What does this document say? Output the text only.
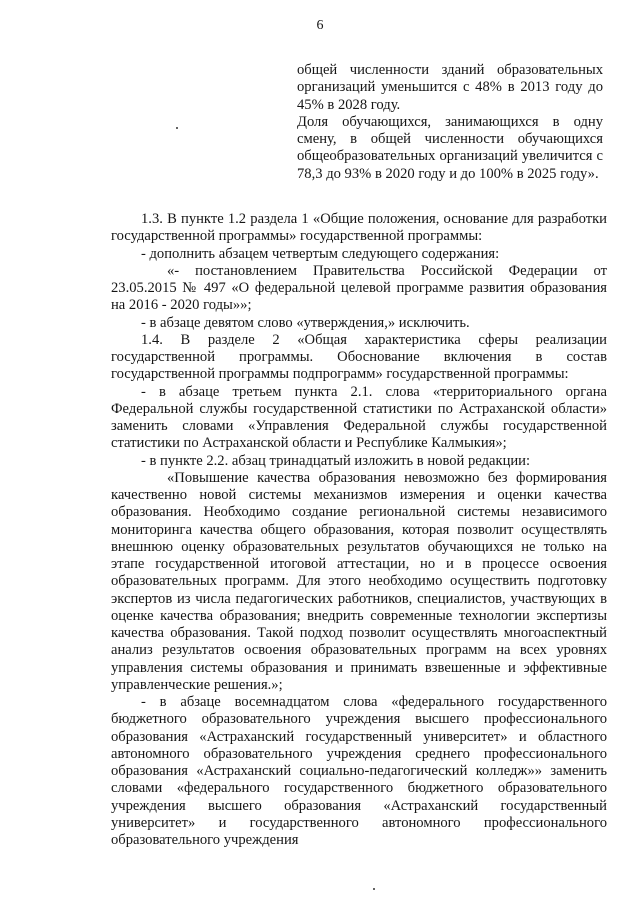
6

общей численности зданий образовательных организаций уменьшится с 48% в 2013 году до 45% в 2028 году.

Доля обучающихся, занимающихся в одну смену, в общей численности обучающихся общеобразовательных организаций увеличится с 78,3 до 93% в 2020 году и до 100% в 2025 году».

1.3. В пункте 1.2 раздела 1 «Общие положения, основание для разработки государственной программы» государственной программы:

- дополнить абзацем четвертым следующего содержания:

«- постановлением Правительства Российской Федерации от 23.05.2015 № 497 «О федеральной целевой программе развития образования на 2016 - 2020 годы»»;

- в абзаце девятом слово «утверждения,» исключить.

1.4. В разделе 2 «Общая характеристика сферы реализации государственной программы. Обоснование включения в состав государственной программы подпрограмм» государственной программы:

- в абзаце третьем пункта 2.1. слова «территориального органа Федеральной службы государственной статистики по Астраханской области» заменить словами «Управления Федеральной службы государственной статистики по Астраханской области и Республике Калмыкия»;

- в пункте 2.2. абзац тринадцатый изложить в новой редакции:

«Повышение качества образования невозможно без формирования качественно новой системы механизмов измерения и оценки качества образования. Необходимо создание региональной системы независимого мониторинга качества общего образования, которая позволит осуществлять внешнюю оценку образовательных результатов обучающихся не только на этапе государственной итоговой аттестации, но и в процессе освоения образовательных программ. Для этого необходимо осуществить подготовку экспертов из числа педагогических работников, специалистов, участвующих в оценке качества образования; внедрить современные технологии экспертизы качества образования. Такой подход позволит осуществлять многоаспектный анализ результатов освоения образовательных программ на всех уровнях управления системы образования и принимать взвешенные и эффективные управленческие решения.»;

- в абзаце восемнадцатом слова «федерального государственного бюджетного образовательного учреждения высшего профессионального образования «Астраханский государственный университет» и областного автономного образовательного учреждения среднего профессионального образования «Астраханский социально-педагогический колледж»» заменить словами «федерального государственного бюджетного образовательного учреждения высшего образования «Астраханский государственный университет» и государственного автономного профессионального образовательного учреждения
